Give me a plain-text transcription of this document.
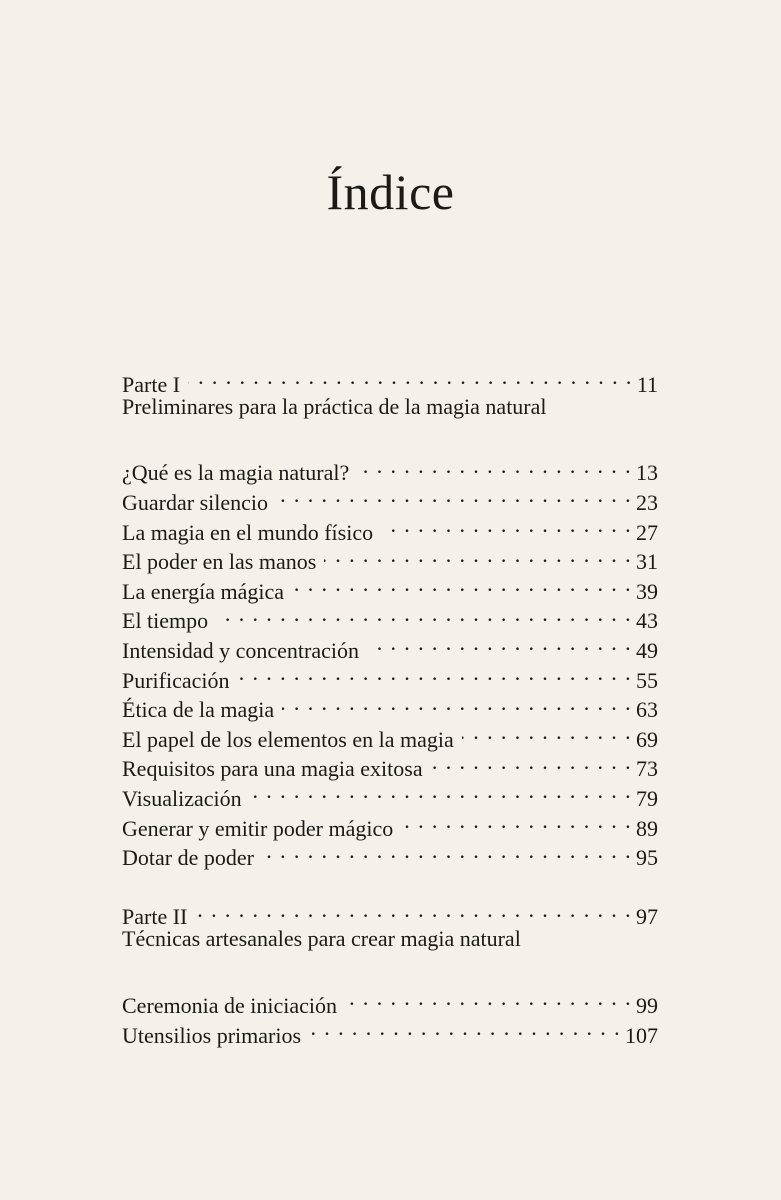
Índice
Parte I . . .	11
Preliminares para la práctica de la magia natural
¿Qué es la magia natural? . . .	13
Guardar silencio . . .	23
La magia en el mundo físico . . .	27
El poder en las manos . . .	31
La energía mágica . . .	39
El tiempo . . .	43
Intensidad y concentración . . .	49
Purificación . . .	55
Ética de la magia . . .	63
El papel de los elementos en la magia . . .	69
Requisitos para una magia exitosa . . .	73
Visualización . . .	79
Generar y emitir poder mágico . . .	89
Dotar de poder . . .	95
Parte II . . .	97
Técnicas artesanales para crear magia natural
Ceremonia de iniciación . . .	99
Utensilios primarios . . .	107
